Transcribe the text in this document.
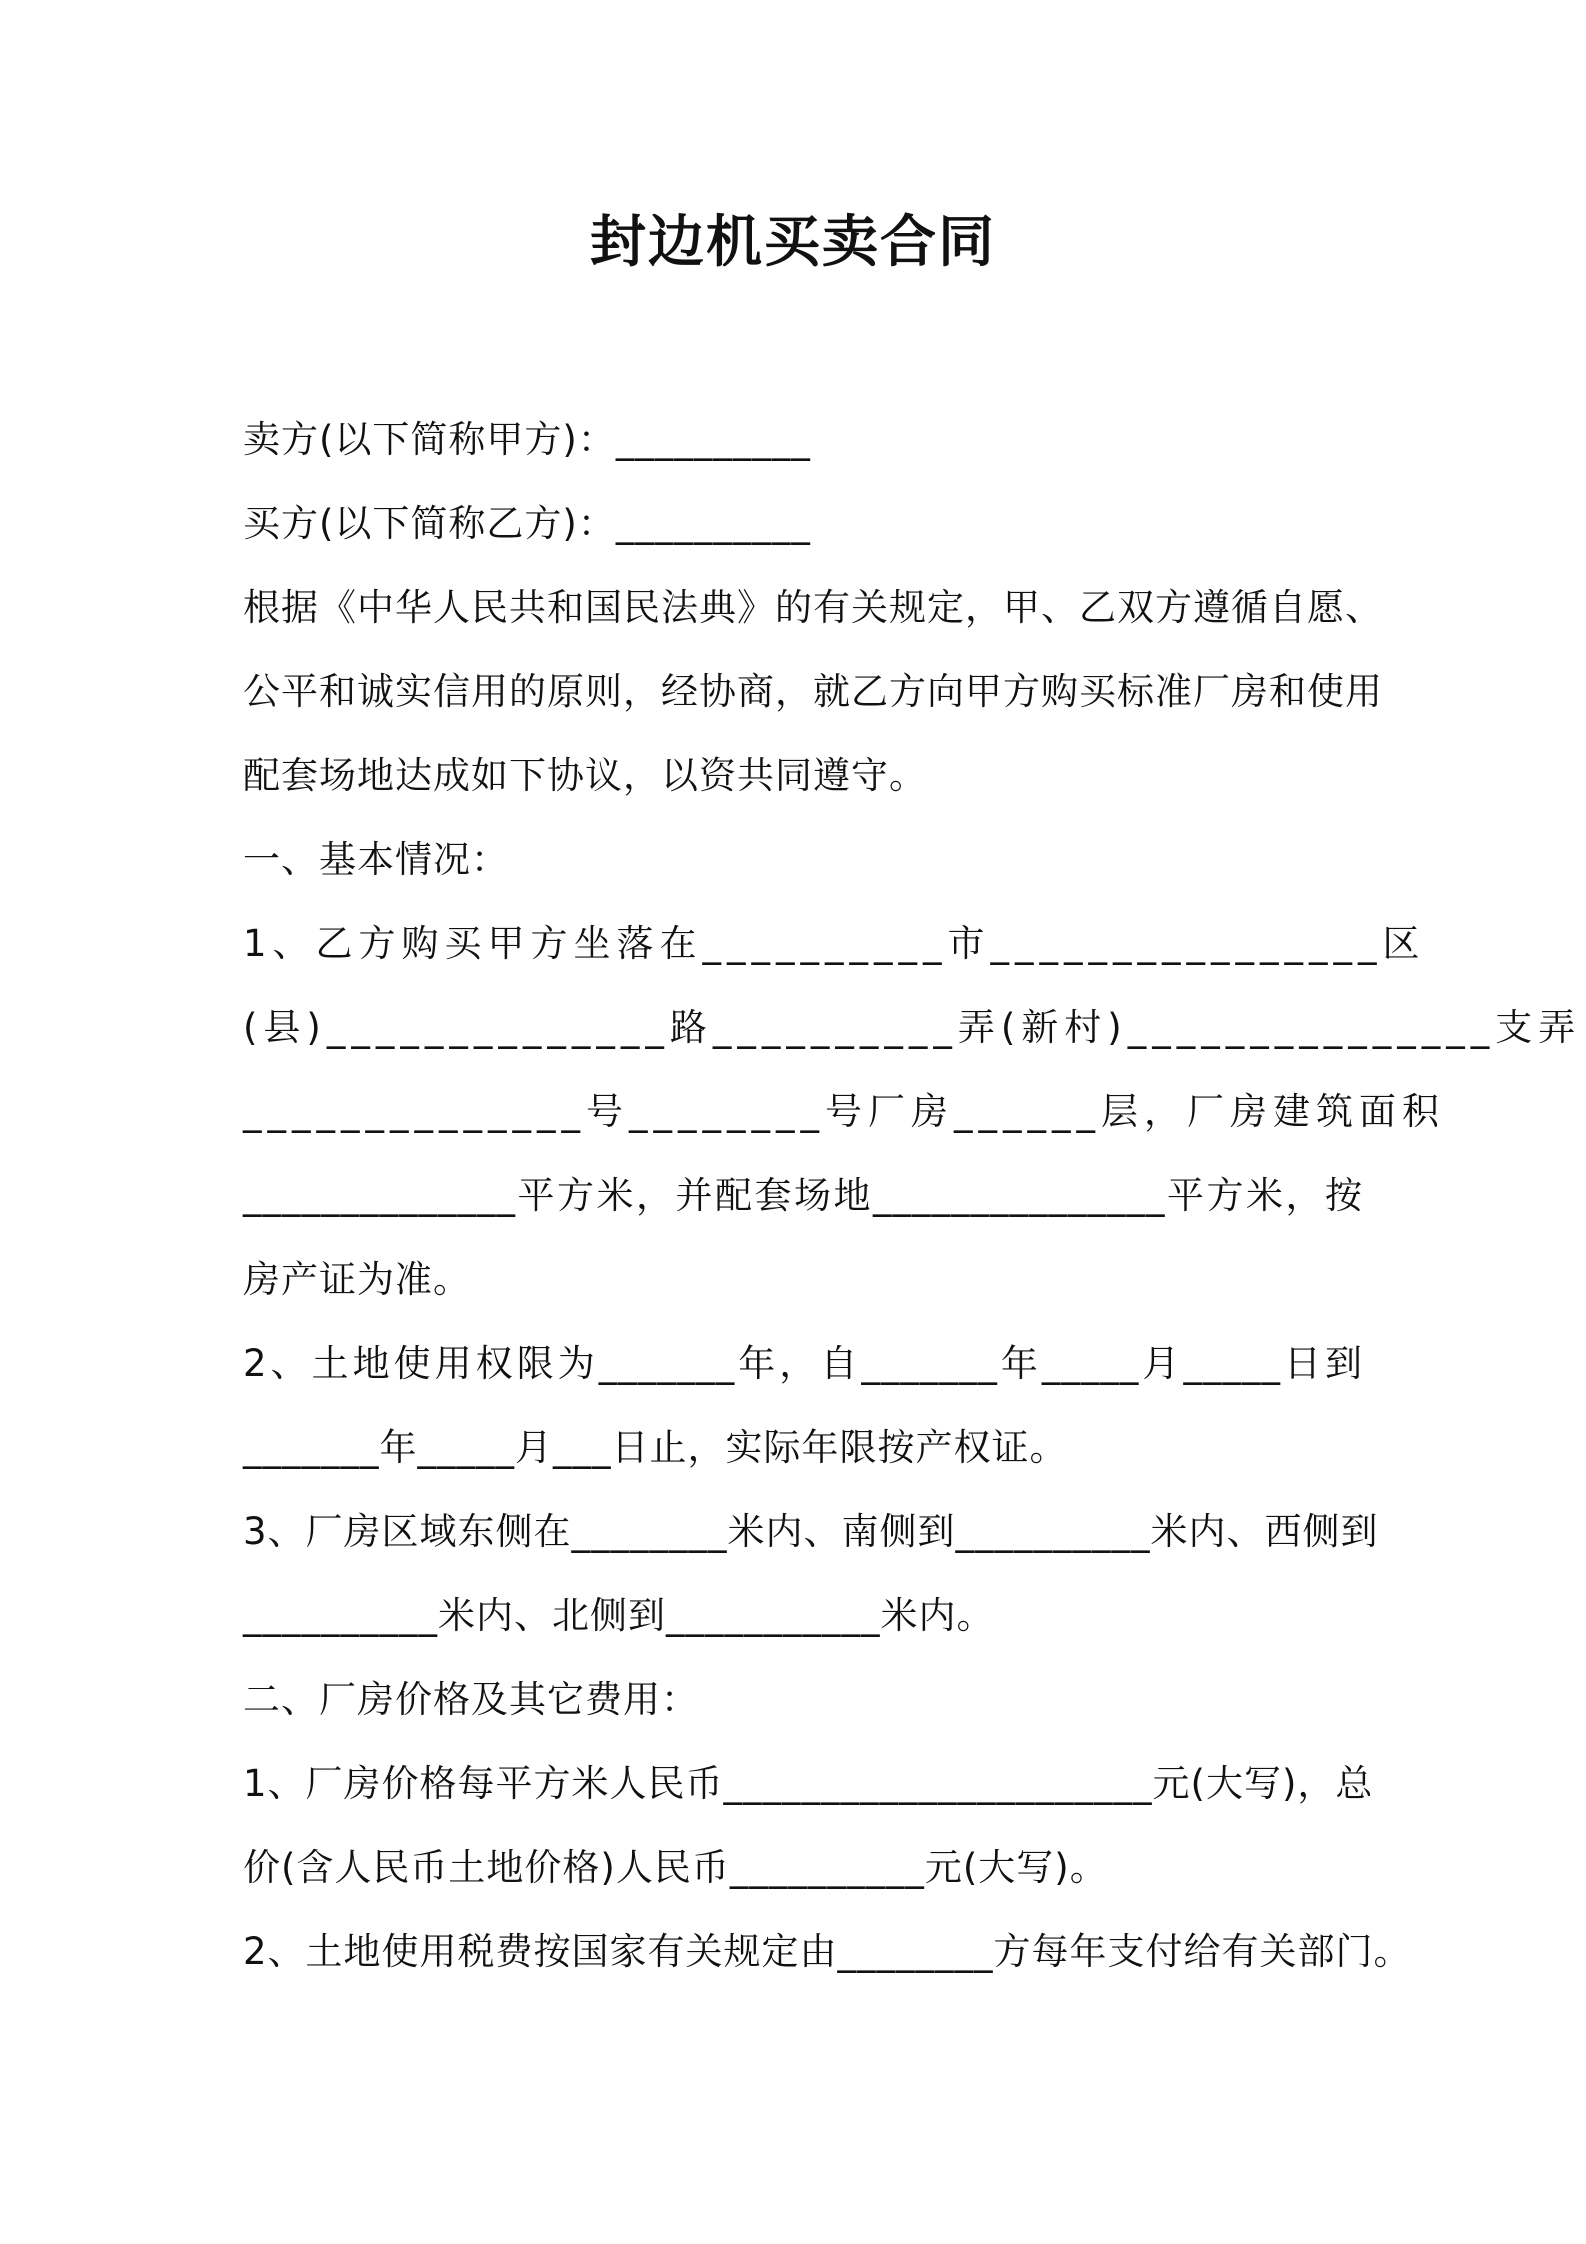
封边机买卖合同
卖方(以下简称甲方)：__________
买方(以下简称乙方)：__________
根据《中华人民共和国民法典》的有关规定，甲、乙双方遵循自愿、
公平和诚实信用的原则，经协商，就乙方向甲方购买标准厂房和使用
配套场地达成如下协议，以资共同遵守。
一、基本情况：
1、乙方购买甲方坐落在__________市________________区
(县)______________路__________弄(新村)_______________支弄
______________号________号厂房______层，厂房建筑面积
______________平方米，并配套场地_______________平方米，按
房产证为准。
2、土地使用权限为_______年，自_______年_____月_____日到
_______年_____月___日止，实际年限按产权证。
3、厂房区域东侧在________米内、南侧到__________米内、西侧到
__________米内、北侧到___________米内。
二、厂房价格及其它费用：
1、厂房价格每平方米人民币______________________元(大写)，总
价(含人民币土地价格)人民币__________元(大写)。
2、土地使用税费按国家有关规定由________方每年支付给有关部门。
